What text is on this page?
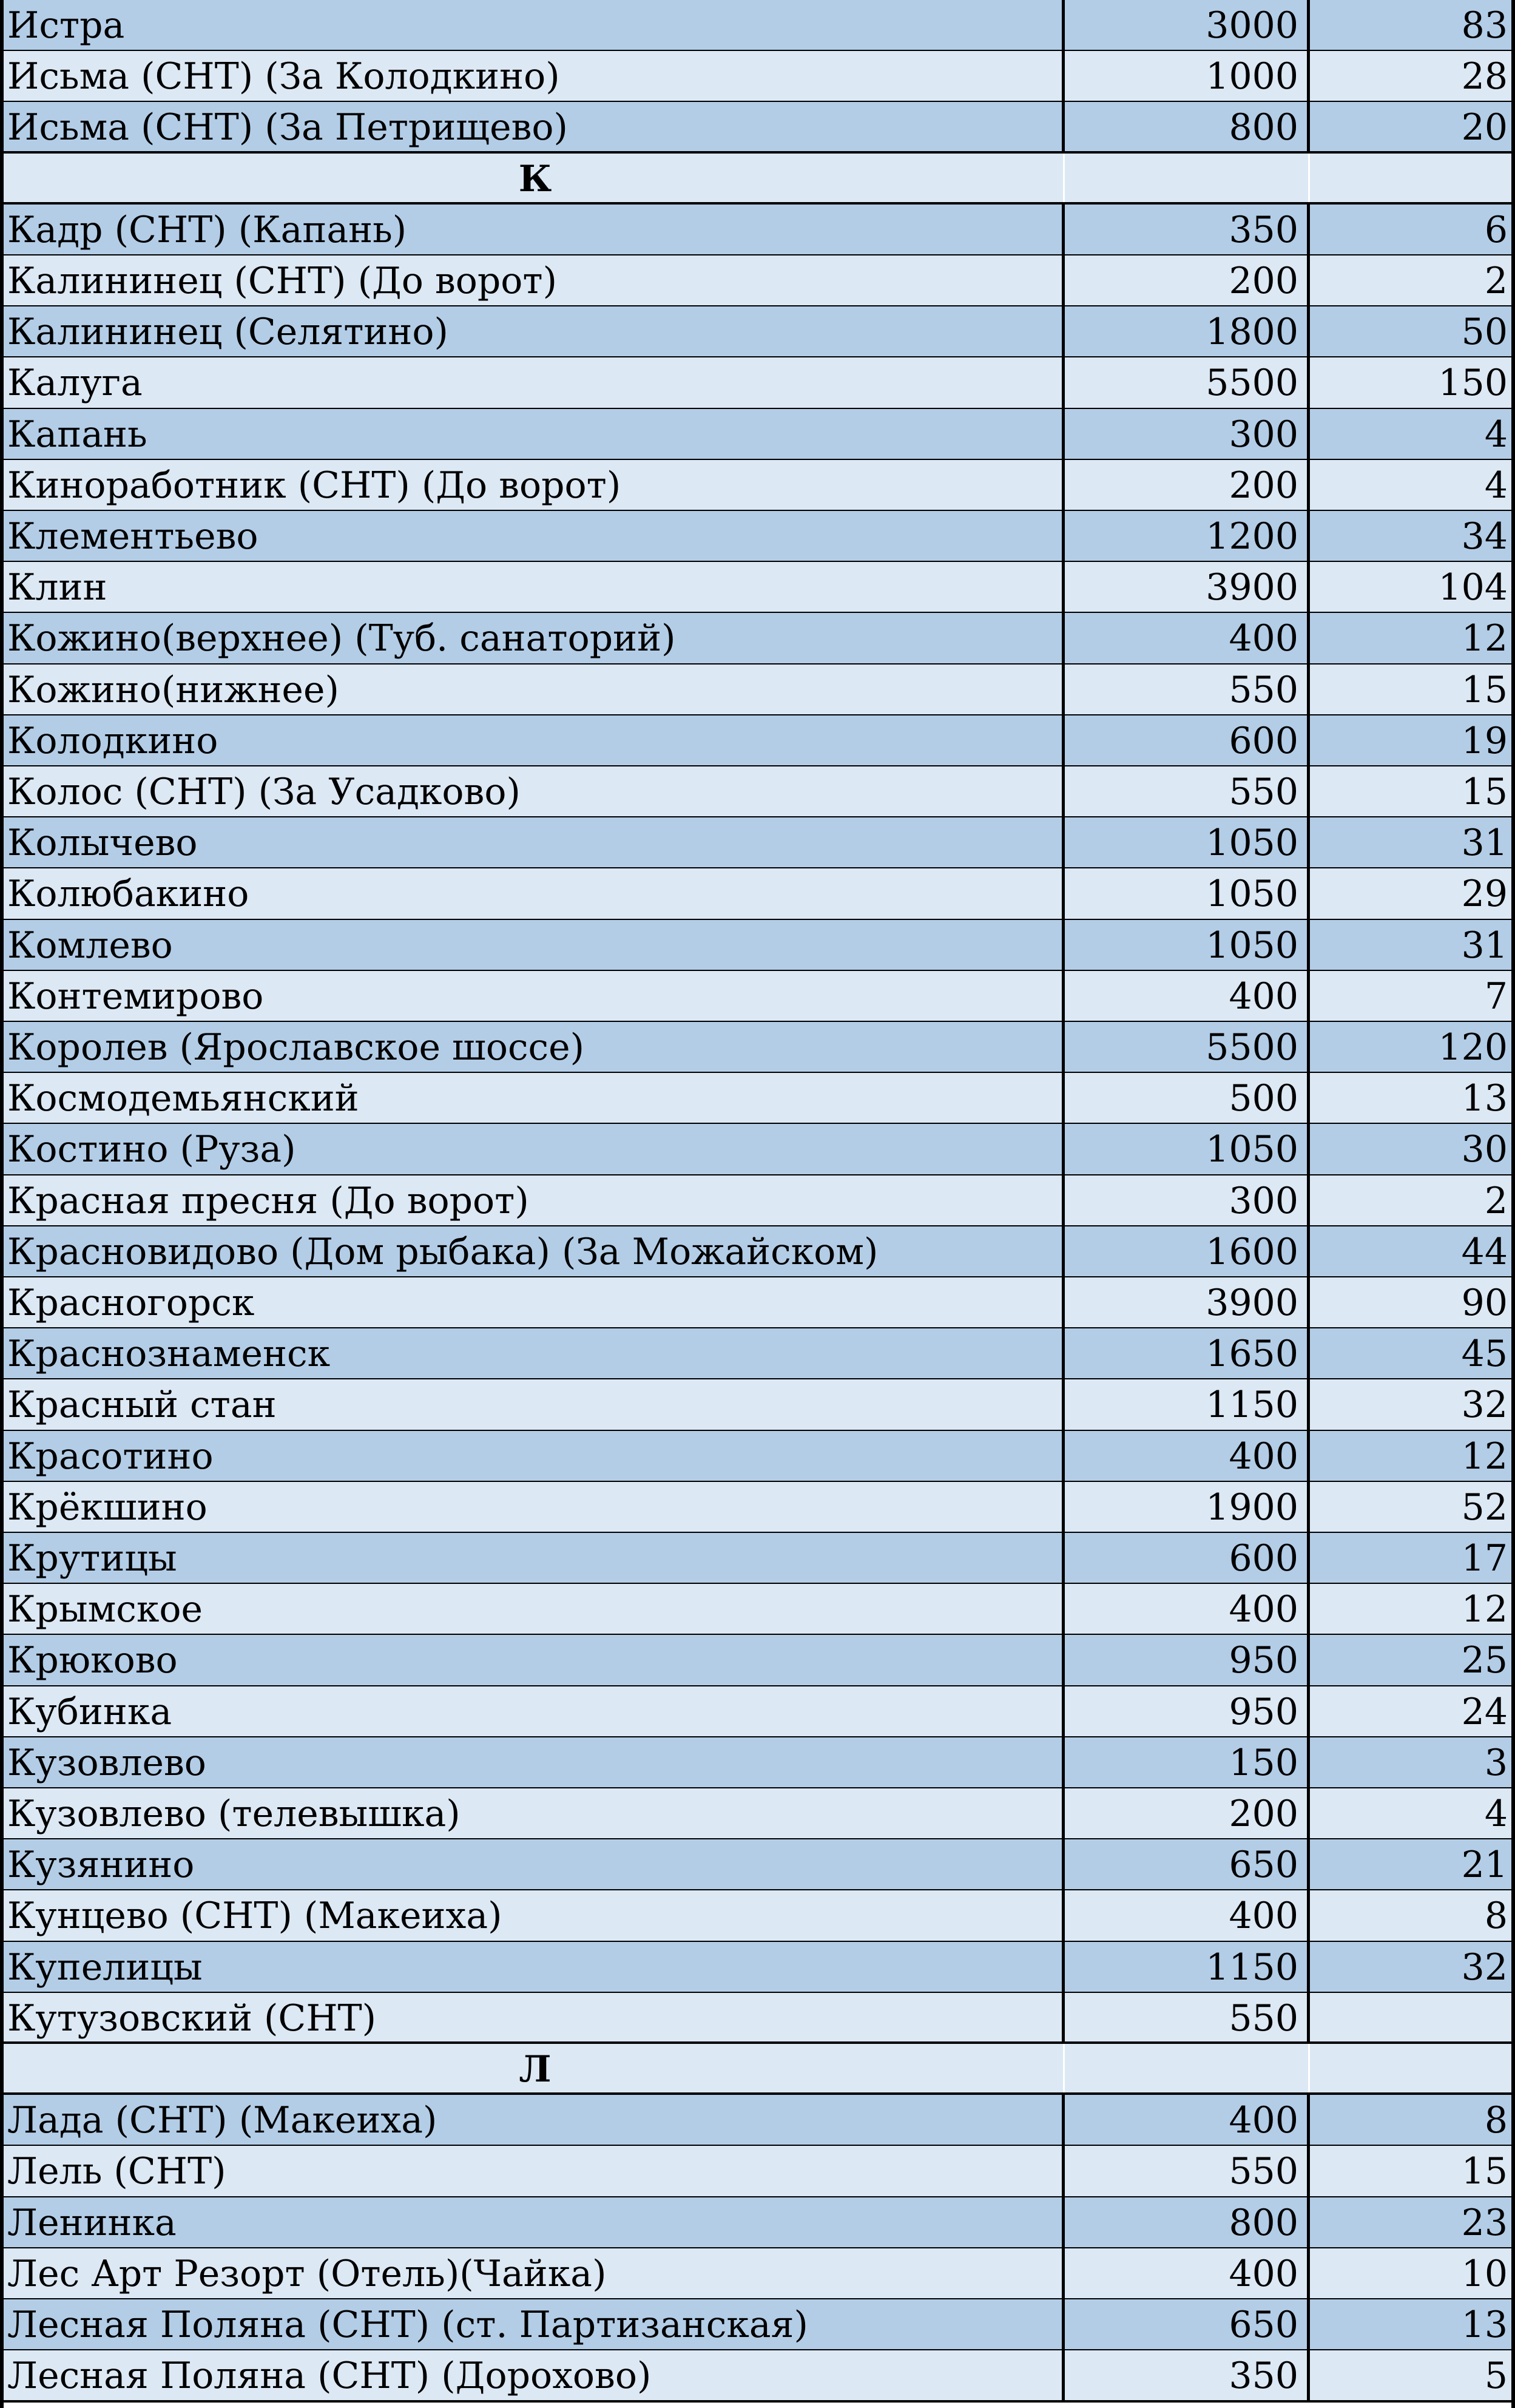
Истра	3000	83
Исьма (СНТ) (За Колодкино)	1000	28
Исьма (СНТ) (За Петрищево)	800	20
К
Кадр (СНТ) (Капань)	350	6
Калининец (СНТ) (До ворот)	200	2
Калининец (Селятино)	1800	50
Калуга	5500	150
Капань	300	4
Киноработник (СНТ) (До ворот)	200	4
Клементьево	1200	34
Клин	3900	104
Кожино(верхнее) (Туб. санаторий)	400	12
Кожино(нижнее)	550	15
Колодкино	600	19
Колос (СНТ) (За Усадково)	550	15
Колычево	1050	31
Колюбакино	1050	29
Комлево	1050	31
Контемирово	400	7
Королев (Ярославское шоссе)	5500	120
Космодемьянский	500	13
Костино (Руза)	1050	30
Красная пресня (До ворот)	300	2
Красновидово (Дом рыбака) (За Можайском)	1600	44
Красногорск	3900	90
Краснознаменск	1650	45
Красный стан	1150	32
Красотино	400	12
Крёкшино	1900	52
Крутицы	600	17
Крымское	400	12
Крюково	950	25
Кубинка	950	24
Кузовлево	150	3
Кузовлево (телевышка)	200	4
Кузянино	650	21
Кунцево (СНТ) (Макеиха)	400	8
Купелицы	1150	32
Кутузовский (СНТ)	550
Л
Лада (СНТ) (Макеиха)	400	8
Лель (СНТ)	550	15
Ленинка	800	23
Лес Арт Резорт (Отель)(Чайка)	400	10
Лесная Поляна (СНТ) (ст. Партизанская)	650	13
Лесная Поляна (СНТ) (Дорохово)	350	5
